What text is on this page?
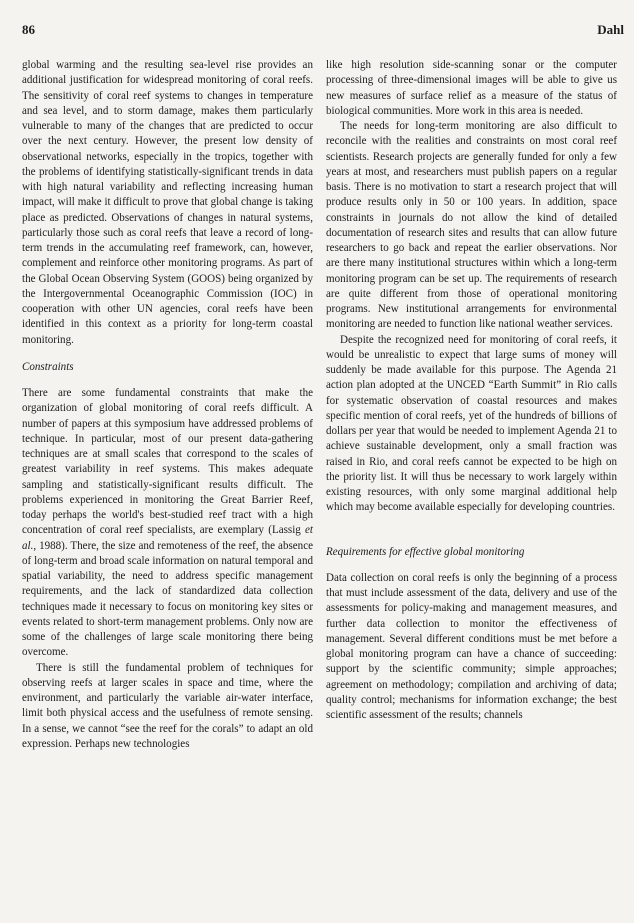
86	Dahl

global warming and the resulting sea-level rise provides an additional justification for widespread monitoring of coral reefs. The sensitivity of coral reef systems to changes in temperature and sea level, and to storm damage, makes them particularly vulnerable to many of the changes that are predicted to occur over the next century. However, the present low density of observational networks, especially in the tropics, together with the problems of identifying statistically-significant trends in data with high natural variability and reflecting increasing human impact, will make it difficult to prove that global change is taking place as predicted. Observations of changes in natural systems, particularly those such as coral reefs that leave a record of long-term trends in the accumulating reef framework, can, however, complement and reinforce other monitoring programs. As part of the Global Ocean Observing System (GOOS) being organized by the Intergovernmental Oceanographic Commission (IOC) in cooperation with other UN agencies, coral reefs have been identified in this context as a priority for long-term coastal monitoring.

Constraints

There are some fundamental constraints that make the organization of global monitoring of coral reefs difficult. A number of papers at this symposium have addressed problems of technique. In particular, most of our present data-gathering techniques are at small scales that correspond to the scales of greatest variability in reef systems. This makes adequate sampling and statistically-significant results difficult. The problems experienced in monitoring the Great Barrier Reef, today perhaps the world's best-studied reef tract with a high concentration of coral reef specialists, are exemplary (Lassig et al., 1988). There, the size and remoteness of the reef, the absence of long-term and broad scale information on natural temporal and spatial variability, the need to address specific management requirements, and the lack of standardized data collection techniques made it necessary to focus on monitoring key sites or events related to short-term management problems. Only now are some of the challenges of large scale monitoring there being overcome.

There is still the fundamental problem of techniques for observing reefs at larger scales in space and time, where the environment, and particularly the variable air-water interface, limit both physical access and the usefulness of remote sensing. In a sense, we cannot “see the reef for the corals” to adapt an old expression. Perhaps new technologies

like high resolution side-scanning sonar or the computer processing of three-dimensional images will be able to give us new measures of surface relief as a measure of the status of biological communities. More work in this area is needed.

The needs for long-term monitoring are also difficult to reconcile with the realities and constraints on most coral reef scientists. Research projects are generally funded for only a few years at most, and researchers must publish papers on a regular basis. There is no motivation to start a research project that will produce results only in 50 or 100 years. In addition, space constraints in journals do not allow the kind of detailed documentation of research sites and results that can allow future researchers to go back and repeat the earlier observations. Nor are there many institutional structures within which a long-term monitoring program can be set up. The requirements of research are quite different from those of operational monitoring programs. New institutional arrangements for environmental monitoring are needed to function like national weather services.

Despite the recognized need for monitoring of coral reefs, it would be unrealistic to expect that large sums of money will suddenly be made available for this purpose. The Agenda 21 action plan adopted at the UNCED “Earth Summit” in Rio calls for systematic observation of coastal resources and makes specific mention of coral reefs, yet of the hundreds of billions of dollars per year that would be needed to implement Agenda 21 to achieve sustainable development, only a small fraction was raised in Rio, and coral reefs cannot be expected to be high on the priority list. It will thus be necessary to work largely within existing resources, with only some marginal additional help which may become available especially for developing countries.

Requirements for effective global monitoring

Data collection on coral reefs is only the beginning of a process that must include assessment of the data, delivery and use of the assessments for policy-making and management measures, and further data collection to monitor the effectiveness of management. Several different conditions must be met before a global monitoring program can have a chance of succeeding: support by the scientific community; simple approaches; agreement on methodology; compilation and archiving of data; quality control; mechanisms for information exchange; the best scientific assessment of the results; channels
